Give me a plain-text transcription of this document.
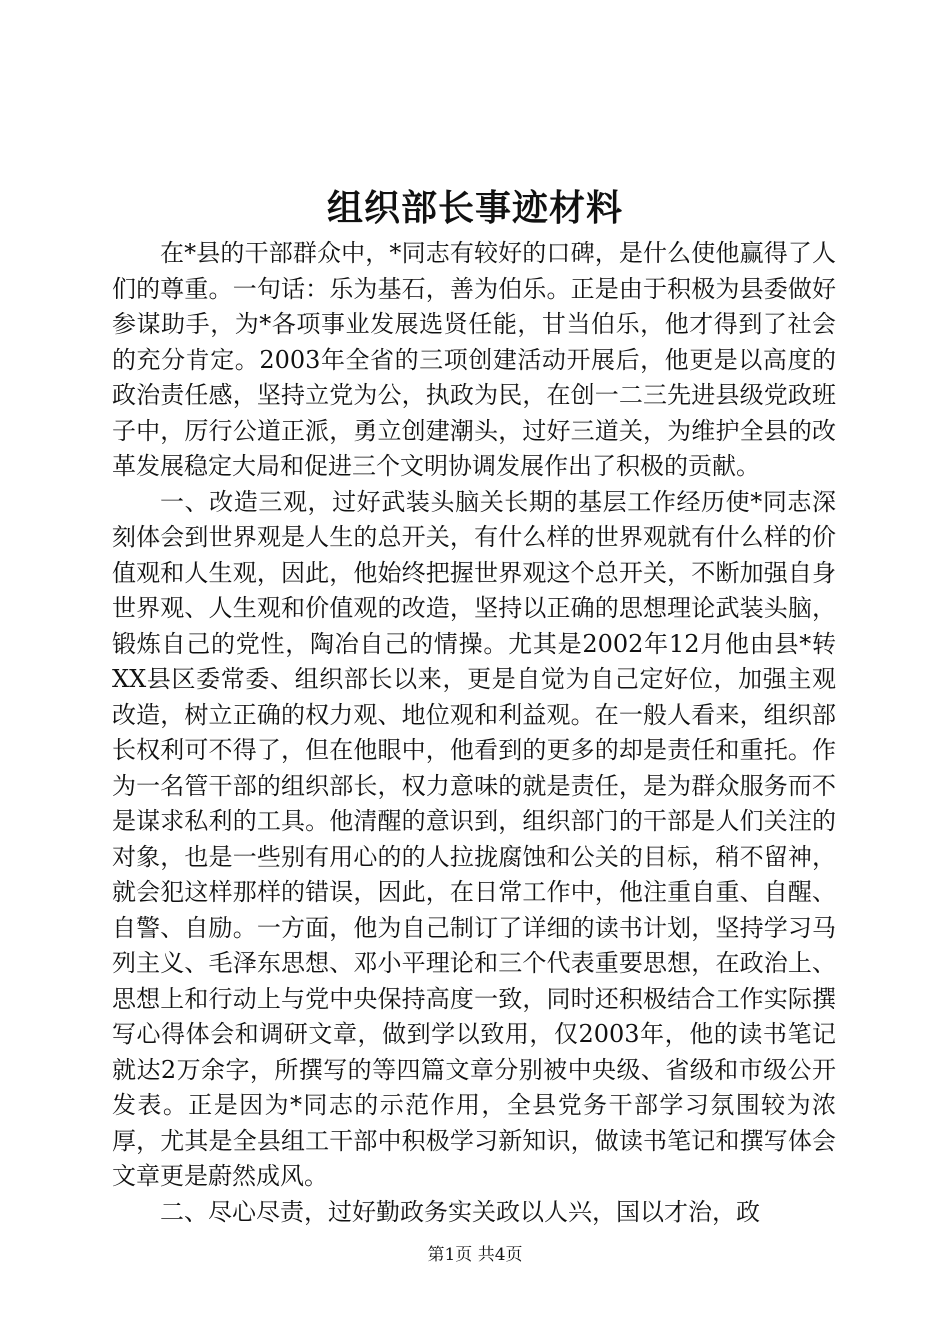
组织部长事迹材料

在*县的干部群众中，*同志有较好的口碑，是什么使他赢得了人们的尊重。一句话：乐为基石，善为伯乐。正是由于积极为县委做好参谋助手，为*各项事业发展选贤任能，甘当伯乐，他才得到了社会的充分肯定。2003年全省的三项创建活动开展后，他更是以高度的政治责任感，坚持立党为公，执政为民，在创一二三先进县级党政班子中，厉行公道正派，勇立创建潮头，过好三道关，为维护全县的改革发展稳定大局和促进三个文明协调发展作出了积极的贡献。

一、改造三观，过好武装头脑关长期的基层工作经历使*同志深刻体会到世界观是人生的总开关，有什么样的世界观就有什么样的价值观和人生观，因此，他始终把握世界观这个总开关，不断加强自身世界观、人生观和价值观的改造，坚持以正确的思想理论武装头脑，锻炼自己的党性，陶冶自己的情操。尤其是2002年12月他由县*转XX县区委常委、组织部长以来，更是自觉为自己定好位，加强主观改造，树立正确的权力观、地位观和利益观。在一般人看来，组织部长权利可不得了，但在他眼中，他看到的更多的却是责任和重托。作为一名管干部的组织部长，权力意味的就是责任，是为群众服务而不是谋求私利的工具。他清醒的意识到，组织部门的干部是人们关注的对象，也是一些别有用心的的人拉拢腐蚀和公关的目标，稍不留神，就会犯这样那样的错误，因此，在日常工作中，他注重自重、自醒、自警、自励。一方面，他为自己制订了详细的读书计划，坚持学习马列主义、毛泽东思想、邓小平理论和三个代表重要思想，在政治上、思想上和行动上与党中央保持高度一致，同时还积极结合工作实际撰写心得体会和调研文章，做到学以致用，仅2003年，他的读书笔记就达2万余字，所撰写的等四篇文章分别被中央级、省级和市级公开发表。正是因为*同志的示范作用，全县党务干部学习氛围较为浓厚，尤其是全县组工干部中积极学习新知识，做读书笔记和撰写体会文章更是蔚然成风。

二、尽心尽责，过好勤政务实关政以人兴，国以才治，政

第1页 共4页
